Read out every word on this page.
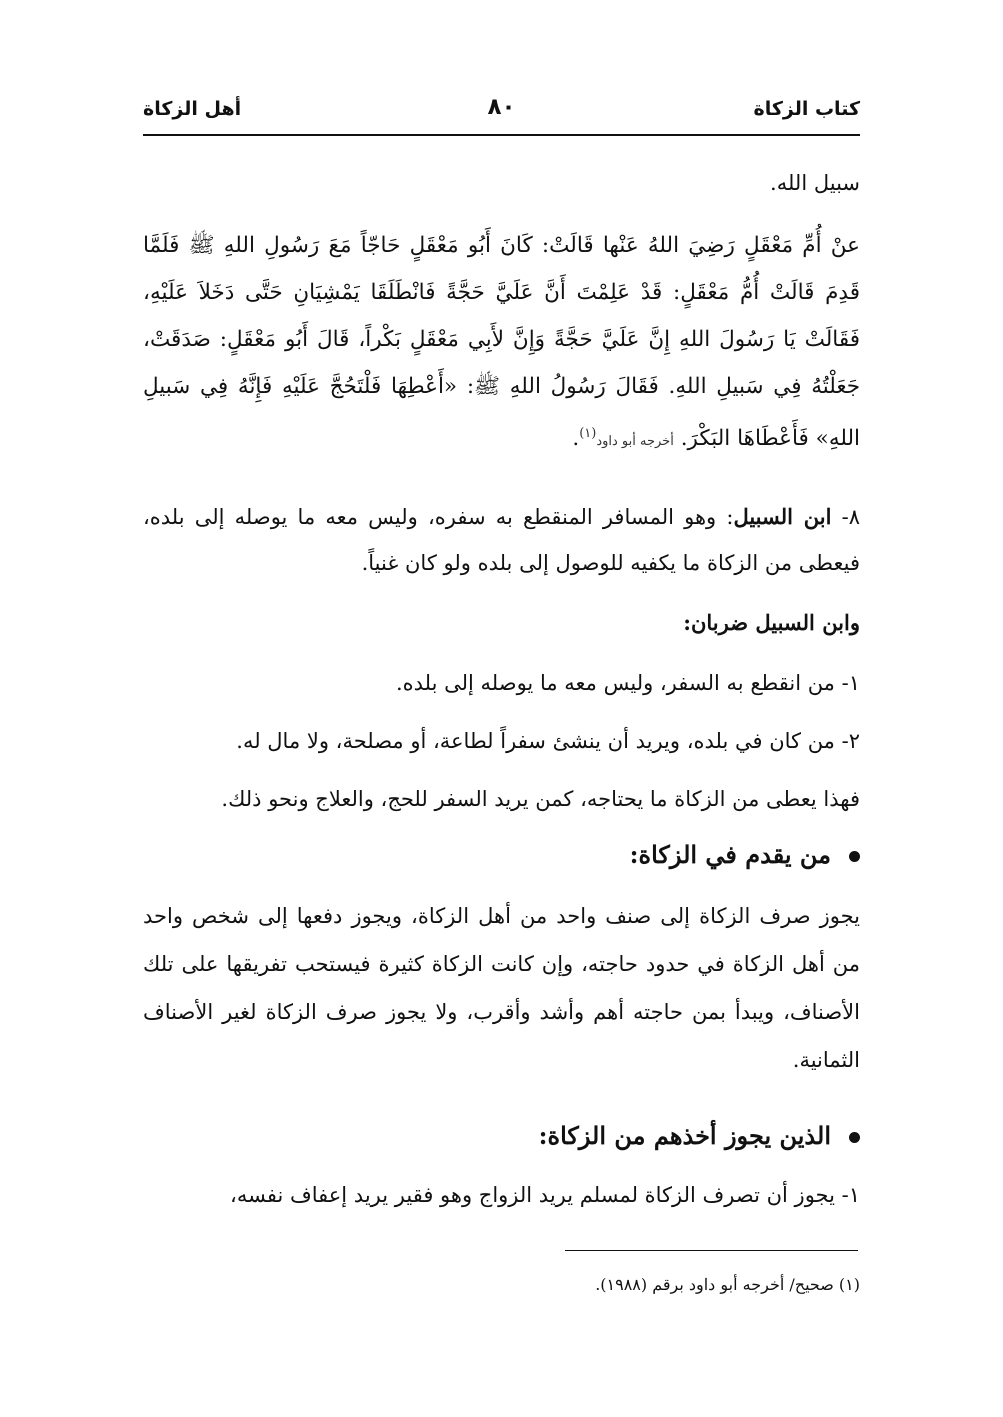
كتاب الزكاة
٨٠
أهل الزكاة
سبيل الله.
عنْ أُمِّ مَعْقَلٍ رَضِيَ اللهُ عَنْها قَالَتْ: كَانَ أَبُو مَعْقَلٍ حَاجّاً مَعَ رَسُولِ اللهِ ﷺ فَلَمَّا قَدِمَ قَالَتْ أُمُّ مَعْقَلٍ: قَدْ عَلِمْتَ أَنَّ عَلَيَّ حَجَّةً فَانْطَلَقَا يَمْشِيَانِ حَتَّى دَخَلاَ عَلَيْهِ، فَقَالَتْ يَا رَسُولَ اللهِ إِنَّ عَلَيَّ حَجَّةً وَإِنَّ لأَبِي مَعْقَلٍ بَكْراً، قَالَ أَبُو مَعْقَلٍ: صَدَقَتْ، جَعَلْتُهُ فِي سَبيلِ اللهِ. فَقَالَ رَسُولُ اللهِ ﷺ: «أَعْطِهَا فَلْتَحُجَّ عَلَيْهِ فَإِنَّهُ فِي سَبيلِ اللهِ» فَأَعْطَاهَا البَكْرَ. أخرجه أبو داود$^{(١)}$.
٨- ابن السبيل: وهو المسافر المنقطع به سفره، وليس معه ما يوصله إلى بلده، فيعطى من الزكاة ما يكفيه للوصول إلى بلده ولو كان غنياً.
وابن السبيل ضربان:
١- من انقطع به السفر، وليس معه ما يوصله إلى بلده.
٢- من كان في بلده، ويريد أن ينشئ سفراً لطاعة، أو مصلحة، ولا مال له.
فهذا يعطى من الزكاة ما يحتاجه، كمن يريد السفر للحج، والعلاج ونحو ذلك.
من يقدم في الزكاة:
يجوز صرف الزكاة إلى صنف واحد من أهل الزكاة، ويجوز دفعها إلى شخص واحد من أهل الزكاة في حدود حاجته، وإن كانت الزكاة كثيرة فيستحب تفريقها على تلك الأصناف، ويبدأ بمن حاجته أهم وأشد وأقرب، ولا يجوز صرف الزكاة لغير الأصناف الثمانية.
الذين يجوز أخذهم من الزكاة:
١- يجوز أن تصرف الزكاة لمسلم يريد الزواج وهو فقير يريد إعفاف نفسه،
(١) صحيح/ أخرجه أبو داود برقم (١٩٨٨).
